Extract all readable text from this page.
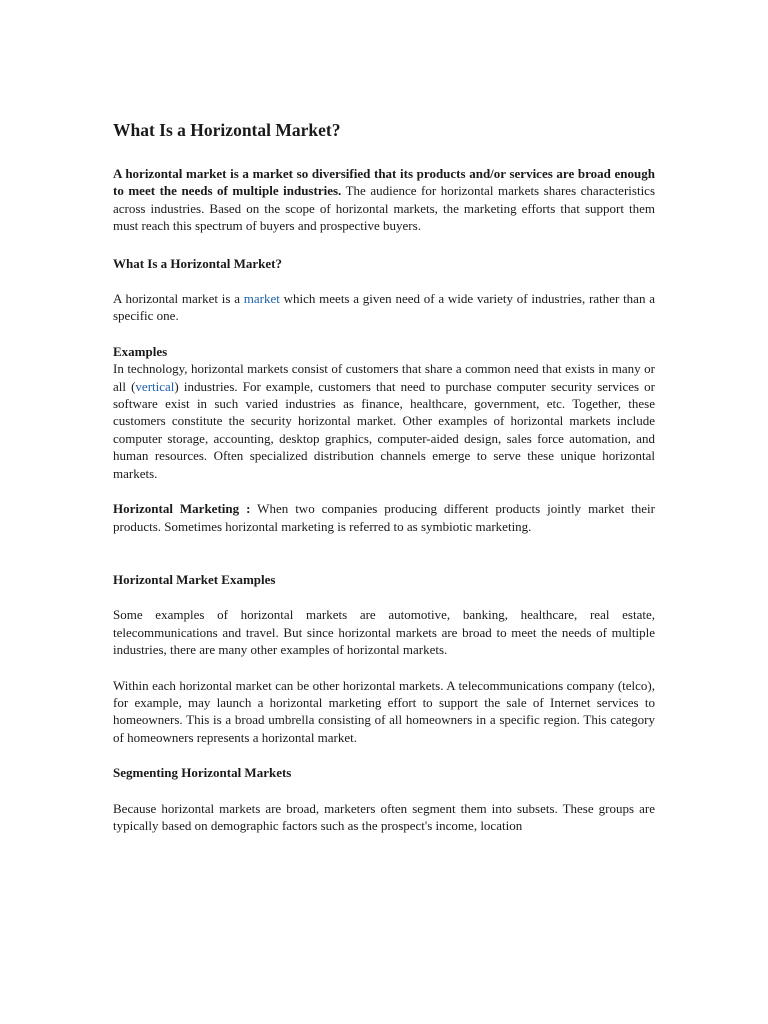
What Is a Horizontal Market?

A horizontal market is a market so diversified that its products and/or services are broad enough to meet the needs of multiple industries. The audience for horizontal markets shares characteristics across industries. Based on the scope of horizontal markets, the marketing efforts that support them must reach this spectrum of buyers and prospective buyers.

What Is a Horizontal Market?

A horizontal market is a market which meets a given need of a wide variety of industries, rather than a specific one.

Examples

In technology, horizontal markets consist of customers that share a common need that exists in many or all (vertical) industries. For example, customers that need to purchase computer security services or software exist in such varied industries as finance, healthcare, government, etc. Together, these customers constitute the security horizontal market. Other examples of horizontal markets include computer storage, accounting, desktop graphics, computer-aided design, sales force automation, and human resources. Often specialized distribution channels emerge to serve these unique horizontal markets.

Horizontal Marketing : When two companies producing different products jointly market their products. Sometimes horizontal marketing is referred to as symbiotic marketing.

Horizontal Market Examples

Some examples of horizontal markets are automotive, banking, healthcare, real estate, telecommunications and travel. But since horizontal markets are broad to meet the needs of multiple industries, there are many other examples of horizontal markets.

Within each horizontal market can be other horizontal markets. A telecommunications company (telco), for example, may launch a horizontal marketing effort to support the sale of Internet services to homeowners. This is a broad umbrella consisting of all homeowners in a specific region. This category of homeowners represents a horizontal market.

Segmenting Horizontal Markets

Because horizontal markets are broad, marketers often segment them into subsets. These groups are typically based on demographic factors such as the prospect's income, location
